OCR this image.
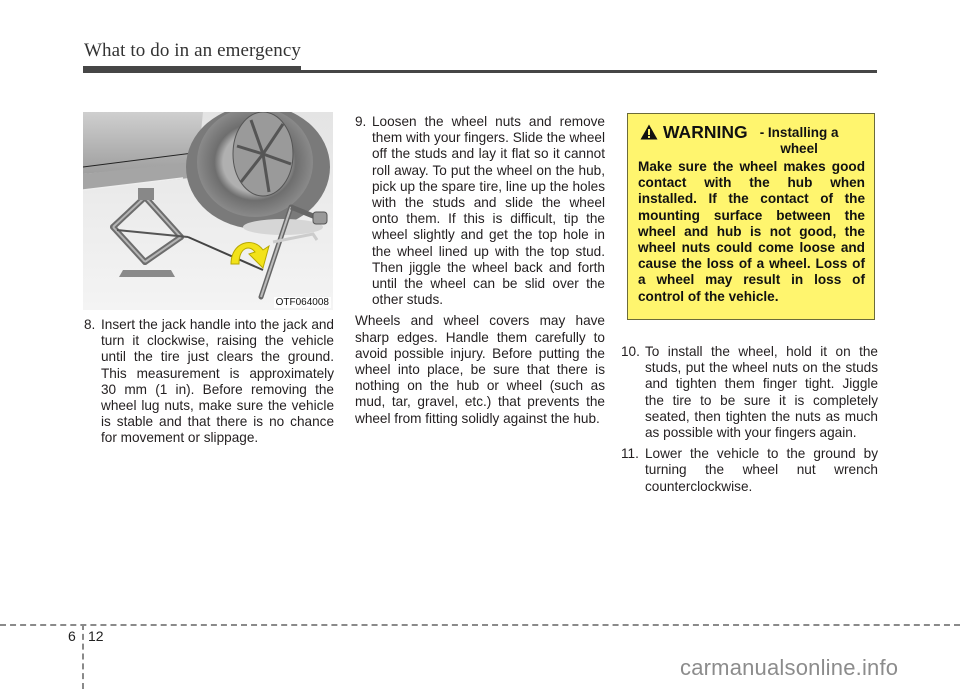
What to do in an emergency
OTF064008
8. Insert the jack handle into the jack and turn it clockwise, raising the vehicle until the tire just clears the ground. This measurement is approximately 30 mm (1 in). Before removing the wheel lug nuts, make sure the vehicle is stable and that there is no chance for movement or slippage.
9. Loosen the wheel nuts and remove them with your fingers. Slide the wheel off the studs and lay it flat so it cannot roll away. To put the wheel on the hub, pick up the spare tire, line up the holes with the studs and slide the wheel onto them. If this is difficult, tip the wheel slightly and get the top hole in the wheel lined up with the top stud. Then jiggle the wheel back and forth until the wheel can be slid over the other studs.

Wheels and wheel covers may have sharp edges. Handle them carefully to avoid possible injury. Before putting the wheel into place, be sure that there is nothing on the hub or wheel (such as mud, tar, gravel, etc.) that prevents the wheel from fitting solidly against the hub.

WARNING - Installing a wheel
Make sure the wheel makes good contact with the hub when installed. If the contact of the mounting surface between the wheel and hub is not good, the wheel nuts could come loose and cause the loss of a wheel. Loss of a wheel may result in loss of control of the vehicle.
10. To install the wheel, hold it on the studs, put the wheel nuts on the studs and tighten them finger tight. Jiggle the tire to be sure it is completely seated, then tighten the nuts as much as possible with your fingers again.
11. Lower the vehicle to the ground by turning the wheel nut wrench counterclockwise.
6 12
carmanualsonline.info
